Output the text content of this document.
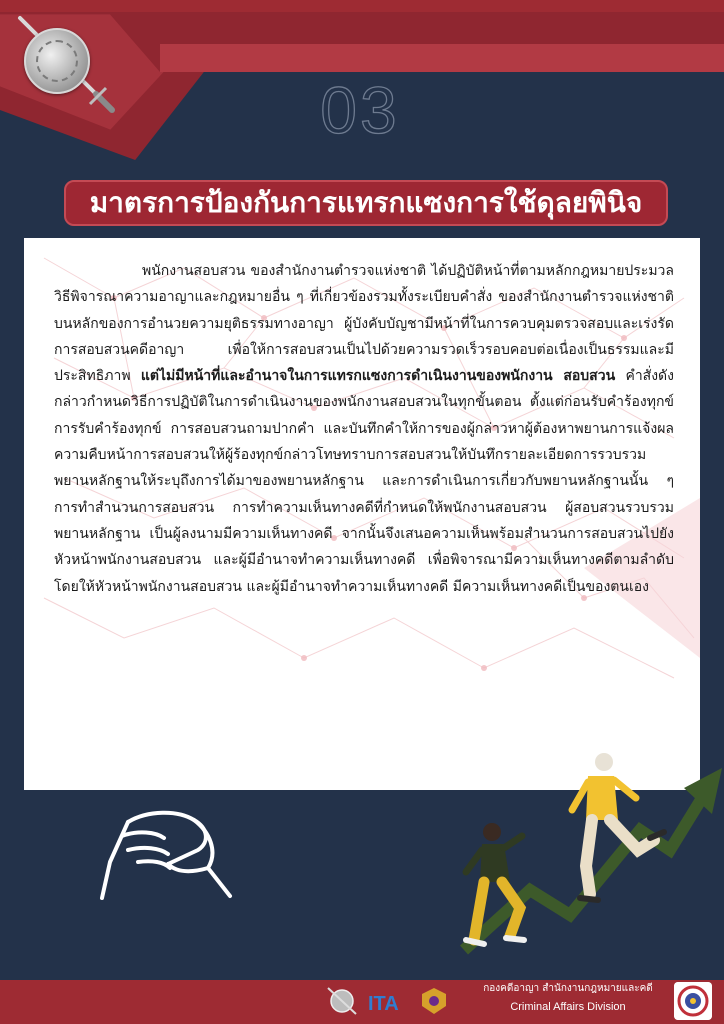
03
มาตรการป้องกันการแทรกแซงการใช้ดุลยพินิจ
พนักงานสอบสวน ของสำนักงานตำรวจแห่งชาติ ได้ปฏิบัติหน้าที่ตามหลักกฎหมายประมวลวิธีพิจารณาความอาญาและกฎหมายอื่น ๆ ที่เกี่ยวข้องรวมทั้งระเบียบคำสั่ง ของสำนักงานตำรวจแห่งชาติบนหลักของการอำนวยความยุติธรรมทางอาญา ผู้บังคับบัญชามีหน้าที่ในการควบคุมตรวจสอบและเร่งรัดการสอบสวนคดีอาญา เพื่อให้การสอบสวนเป็นไปด้วยความรวดเร็วรอบคอบต่อเนื่องเป็นธรรมและมีประสิทธิภาพ แต่ไม่มีหน้าที่และอำนาจในการแทรกแซงการดำเนินงานของพนักงาน สอบสวน คำสั่งดังกล่าวกำหนดวิธีการปฏิบัติในการดำเนินงานของพนักงานสอบสวนในทุกขั้นตอน ตั้งแต่ก่อนรับคำร้องทุกข์ การรับคำร้องทุกข์ การสอบสวนถามปากคำ และบันทึกคำให้การของผู้กล่าวหาผู้ต้องหาพยานการแจ้งผลความคืบหน้าการสอบสวนให้ผู้ร้องทุกข์กล่าวโทษทราบการสอบสวนให้บันทึกรายละเอียดการรวบรวมพยานหลักฐานให้ระบุถึงการได้มาของพยานหลักฐาน และการดำเนินการเกี่ยวกับพยานหลักฐานนั้น ๆ การทำสำนวนการสอบสวน การทำความเห็นทางคดีที่กำหนดให้พนักงานสอบสวน ผู้สอบสวนรวบรวมพยานหลักฐาน เป็นผู้ลงนามมีความเห็นทางคดี จากนั้นจึงเสนอความเห็นพร้อมสำนวนการสอบสวนไปยังหัวหน้าพนักงานสอบสวน และผู้มีอำนาจทำความเห็นทางคดี เพื่อพิจารณามีความเห็นทางคดีตามลำดับ โดยให้หัวหน้าพนักงานสอบสวน และผู้มีอำนาจทำความเห็นทางคดี มีความเห็นทางคดีเป็นของตนเอง
ITA
กองคดีอาญา สำนักงานกฎหมายและคดี
Criminal Affairs Division
